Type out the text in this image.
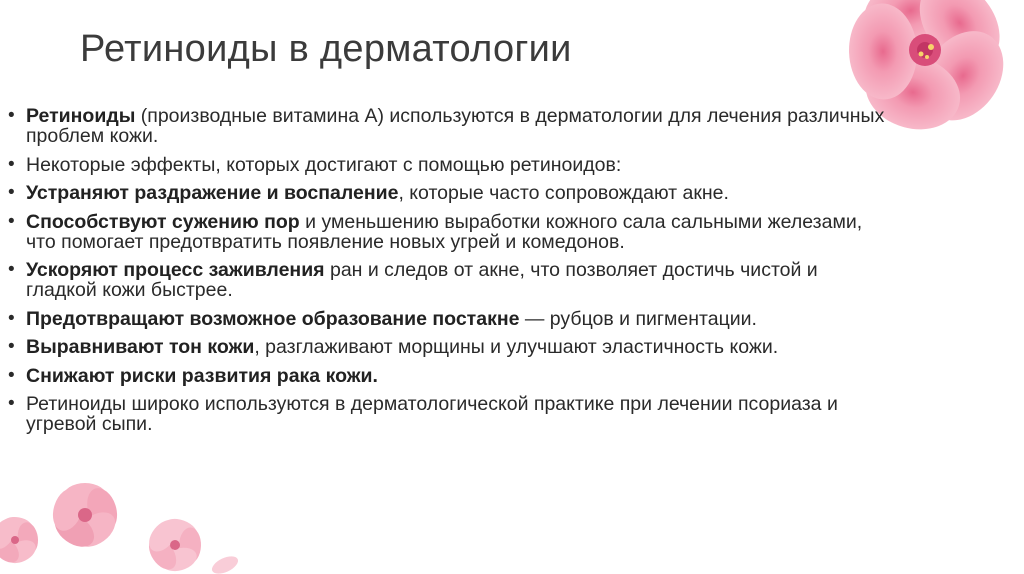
Ретиноиды в дерматологии
• Ретиноиды (производные витамина А) используются в дерматологии для лечения различных проблем кожи.
• Некоторые эффекты, которых достигают с помощью ретиноидов:
• Устраняют раздражение и воспаление, которые часто сопровождают акне.
• Способствуют сужению пор и уменьшению выработки кожного сала сальными железами, что помогает предотвратить появление новых угрей и комедонов.
• Ускоряют процесс заживления ран и следов от акне, что позволяет достичь чистой и гладкой кожи быстрее.
• Предотвращают возможное образование постакне — рубцов и пигментации.
• Выравнивают тон кожи, разглаживают морщины и улучшают эластичность кожи.
• Снижают риски развития рака кожи.
• Ретиноиды широко используются в дерматологической практике при лечении псориаза и угревой сыпи.
